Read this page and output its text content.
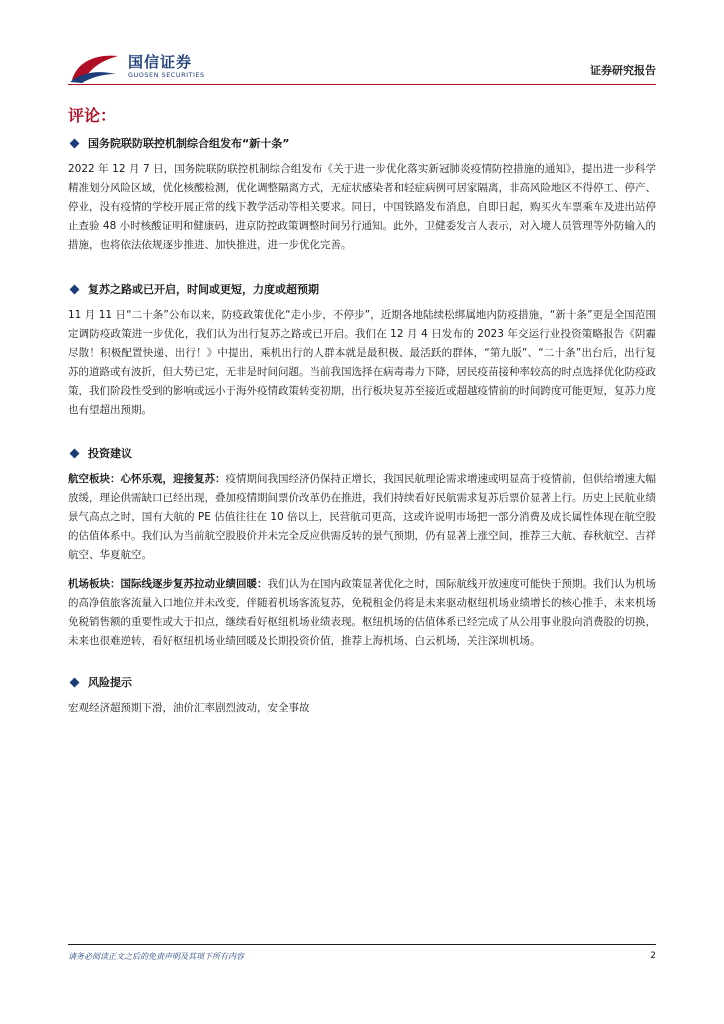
国信证券
GUOSEN SECURITIES	证券研究报告
评论：
国务院联防联控机制综合组发布“新十条”

2022 年 12 月 7 日，国务院联防联控机制综合组发布《关于进一步优化落实新冠肺炎疫情防控措施的通知》，提出进一步科学精准划分风险区域，优化核酸检测，优化调整隔离方式，无症状感染者和轻症病例可居家隔离，非高风险地区不得停工、停产、停业，没有疫情的学校开展正常的线下教学活动等相关要求。同日，中国铁路发布消息，自即日起，购买火车票乘车及进出站停止查验 48 小时核酸证明和健康码，进京防控政策调整时间另行通知。此外，卫健委发言人表示，对入境人员管理等外防输入的措施，也将依法依规逐步推进、加快推进，进一步优化完善。

复苏之路或已开启，时间或更短，力度或超预期

11 月 11 日“二十条”公布以来，防疫政策优化“走小步，不停步”，近期各地陆续松绑属地内防疫措施，“新十条”更是全国范围定调防疫政策进一步优化，我们认为出行复苏之路或已开启。我们在 12 月 4 日发布的 2023 年交运行业投资策略报告《阴霾尽散！积极配置快递、出行！》中提出，乘机出行的人群本就是最积极、最活跃的群体，“第九版”、“二十条”出台后，出行复苏的道路或有波折，但大势已定，无非是时间问题。当前我国选择在病毒毒力下降，居民疫苗接种率较高的时点选择优化防疫政策，我们阶段性受到的影响或远小于海外疫情政策转变初期，出行板块复苏至接近或超越疫情前的时间跨度可能更短，复苏力度也有望超出预期。

投资建议

航空板块：心怀乐观，迎接复苏：疫情期间我国经济仍保持正增长，我国民航理论需求增速或明显高于疫情前，但供给增速大幅放缓，理论供需缺口已经出现，叠加疫情期间票价改革仍在推进，我们持续看好民航需求复苏后票价显著上行。历史上民航业绩景气高点之时，国有大航的 PE 估值往往在 10 倍以上，民营航司更高，这或许说明市场把一部分消费及成长属性体现在航空股的估值体系中。我们认为当前航空股股价并未完全反应供需反转的景气预期，仍有显著上涨空间，推荐三大航、春秋航空、吉祥航空、华夏航空。

机场板块：国际线逐步复苏拉动业绩回暖：我们认为在国内政策显著优化之时，国际航线开放速度可能快于预期。我们认为机场的高净值旅客流量入口地位并未改变，伴随着机场客流复苏，免税租金仍将是未来驱动枢纽机场业绩增长的核心推手，未来机场免税销售额的重要性或大于扣点，继续看好枢纽机场业绩表现。枢纽机场的估值体系已经完成了从公用事业股向消费股的切换，未来也很难逆转，看好枢纽机场业绩回暖及长期投资价值，推荐上海机场、白云机场，关注深圳机场。

风险提示

宏观经济超预期下滑，油价汇率剧烈波动，安全事故

请务必阅读正文之后的免责声明及其项下所有内容	2
